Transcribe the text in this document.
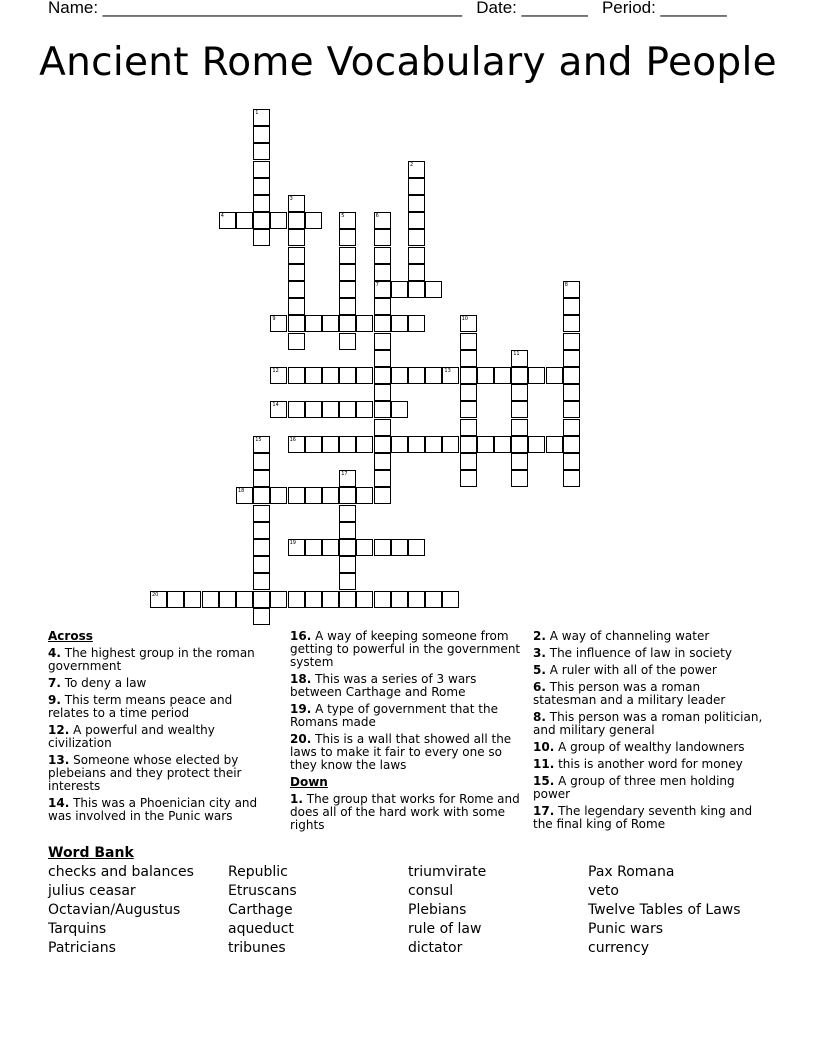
Name: ______________________________________ Date: _______ Period: _______
Ancient Rome Vocabulary and People
1
2
3
4	5	6
7	8
9	10
11
12	13
14
15	16
17
18
19
20
Across
4. The highest group in the roman government
7. To deny a law
9. This term means peace and relates to a time period
12. A powerful and wealthy civilization
13. Someone whose elected by plebeians and they protect their interests
14. This was a Phoenician city and was involved in the Punic wars
16. A way of keeping someone from getting to powerful in the government system
18. This was a series of 3 wars between Carthage and Rome
19. A type of government that the Romans made
20. This is a wall that showed all the laws to make it fair to every one so they know the laws
Down
1. The group that works for Rome and does all of the hard work with some rights
2. A way of channeling water
3. The influence of law in society
5. A ruler with all of the power
6. This person was a roman statesman and a military leader
8. This person was a roman politician, and military general
10. A group of wealthy landowners
11. this is another word for money
15. A group of three men holding power
17. The legendary seventh king and the final king of Rome
Word Bank
checks and balances	Republic	triumvirate	Pax Romana
julius ceasar	Etruscans	consul	veto
Octavian/Augustus	Carthage	Plebians	Twelve Tables of Laws
Tarquins	aqueduct	rule of law	Punic wars
Patricians	tribunes	dictator	currency
